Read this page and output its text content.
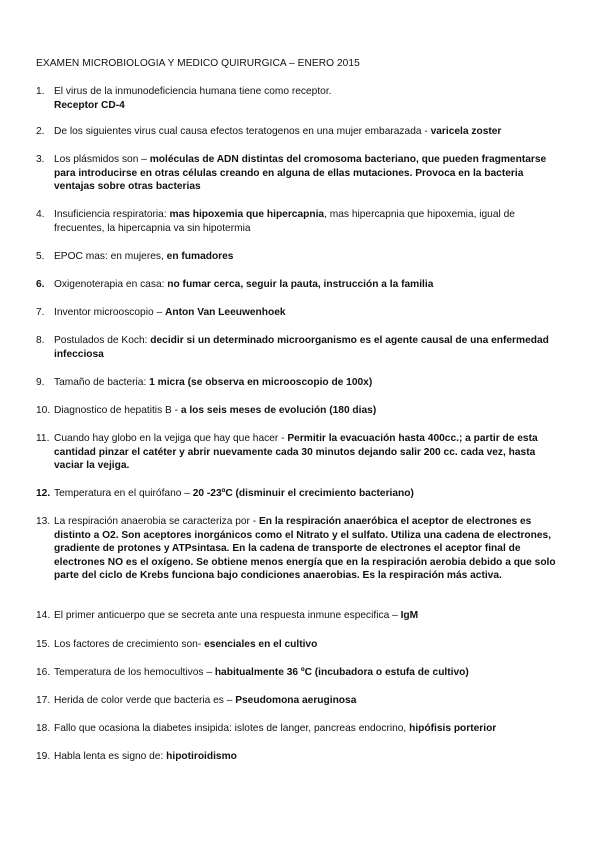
EXAMEN MICROBIOLOGIA Y MEDICO QUIRURGICA – ENERO 2015
1. El virus de la inmunodeficiencia humana tiene como receptor.
Receptor CD-4
2. De los siguientes virus cual causa efectos teratogenos en una mujer embarazada - varicela zoster
3. Los plásmidos son – moléculas de ADN distintas del cromosoma bacteriano, que pueden fragmentarse para introducirse en otras células creando en alguna de ellas mutaciones. Provoca en la bacteria ventajas sobre otras bacterias
4. Insuficiencia respiratoria: mas hipoxemia que hipercapnia, mas hipercapnia que hipoxemia, igual de frecuentes, la hipercapnia va sin hipotermia
5. EPOC mas: en mujeres, en fumadores
6. Oxigenoterapia en casa: no fumar cerca, seguir la pauta, instrucción a la familia
7. Inventor microoscopio – Anton Van Leeuwenhoek
8. Postulados de Koch: decidir si un determinado microorganismo es el agente causal de una enfermedad infecciosa
9. Tamaño de bacteria: 1 micra (se observa en microoscopio de 100x)
10. Diagnostico de hepatitis B - a los seis meses de evolución (180 dias)
11. Cuando hay globo en la vejiga que hay que hacer - Permitir la evacuación hasta 400cc.; a partir de esta cantidad pinzar el catéter y abrir nuevamente cada 30 minutos dejando salir 200 cc. cada vez, hasta vaciar la vejiga.
12. Temperatura en el quirófano – 20 -23ºC (disminuir el crecimiento bacteriano)
13. La respiración anaerobia se caracteriza por - En la respiración anaeróbica el aceptor de electrones es distinto a O2. Son aceptores inorgánicos como el Nitrato y el sulfato. Utiliza una cadena de electrones, gradiente de protones y ATPsintasa. En la cadena de transporte de electrones el aceptor final de electrones NO es el oxígeno. Se obtiene menos energía que en la respiración aerobia debido a que solo parte del ciclo de Krebs funciona bajo condiciones anaerobias. Es la respiración más activa.
14. El primer anticuerpo que se secreta ante una respuesta inmune especifica – IgM
15. Los factores de crecimiento son- esenciales en el cultivo
16. Temperatura de los hemocultivos – habitualmente 36 ºC (incubadora o estufa de cultivo)
17. Herida de color verde que bacteria es – Pseudomona aeruginosa
18. Fallo que ocasiona la diabetes insipida: islotes de langer, pancreas endocrino, hipófisis porterior
19. Habla lenta es signo de: hipotiroidismo
